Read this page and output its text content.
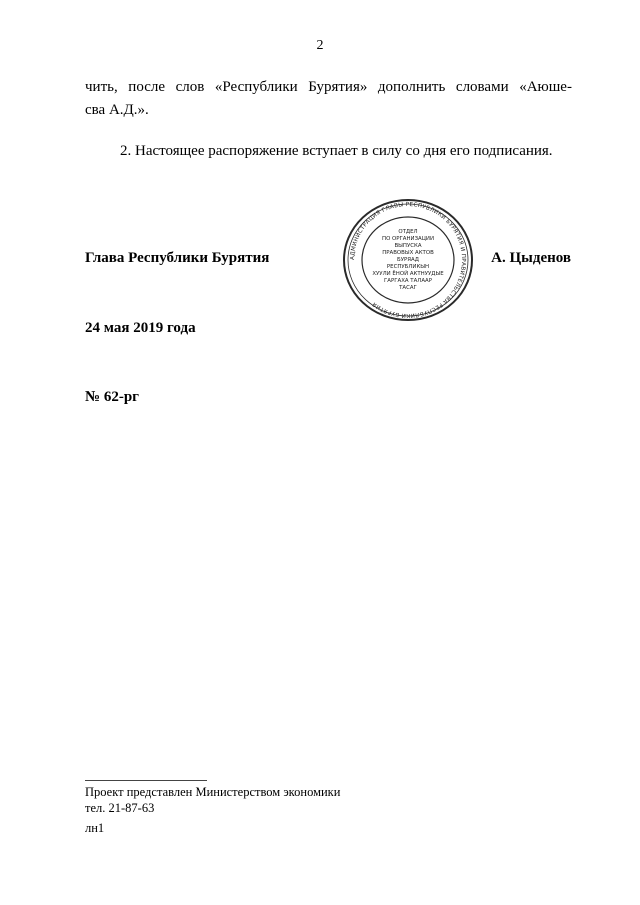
2
чить, после слов «Республики Бурятия» дополнить словами «Аюше-
сва А.Д.».
2. Настоящее распоряжение вступает в силу со дня его подписания.
Глава Республики Бурятия	А. Цыденов
АДМИНИСТРАЦИЯ ГЛАВЫ РЕСПУБЛИКИ БУРЯТИЯ И ПРАВИТЕЛЬСТВА РЕСПУБЛИКИ БУРЯТИЯ
ОТДЕЛ
ПО ОРГАНИЗАЦИИ
ВЫПУСКА
ПРАВОВЫХ АКТОВ
БУРЯАД
РЕСПУБЛИКЫН
ХУУЛИ ЁНОЙ АКТНУУДЫЕ
ГАРГАХА ТАЛААР
ТАСАГ
24 мая 2019 года
№ 62-рг
Проект представлен Министерством экономики
тел. 21-87-63
лн1
